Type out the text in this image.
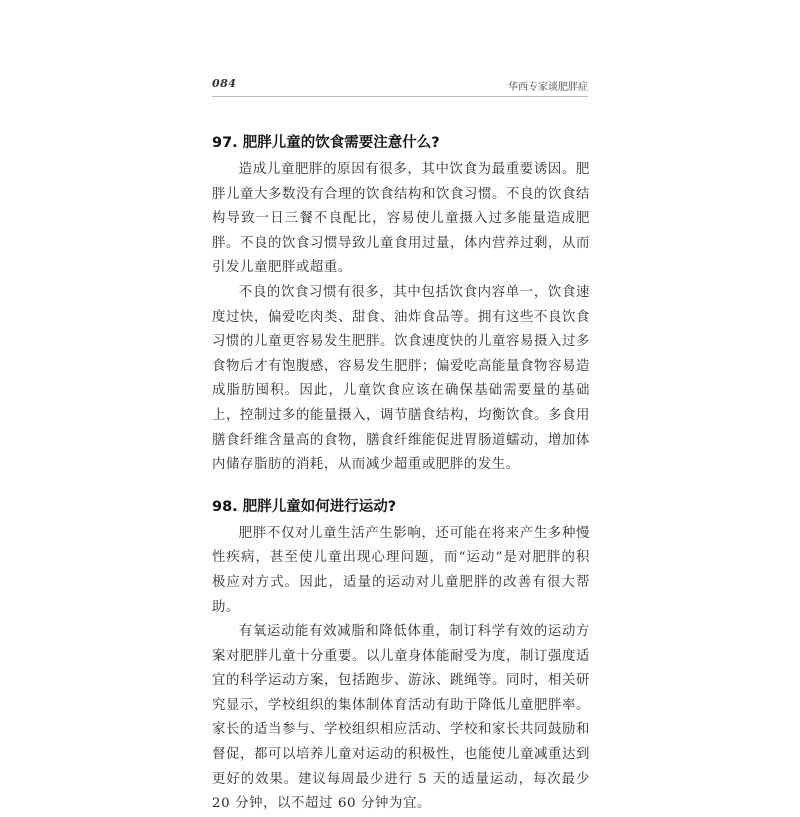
084	华西专家谈肥胖症
97. 肥胖儿童的饮食需要注意什么?

造成儿童肥胖的原因有很多，其中饮食为最重要诱因。肥胖儿童大多数没有合理的饮食结构和饮食习惯。不良的饮食结构导致一日三餐不良配比，容易使儿童摄入过多能量造成肥胖。不良的饮食习惯导致儿童食用过量，体内营养过剩，从而引发儿童肥胖或超重。

不良的饮食习惯有很多，其中包括饮食内容单一，饮食速度过快，偏爱吃肉类、甜食、油炸食品等。拥有这些不良饮食习惯的儿童更容易发生肥胖。饮食速度快的儿童容易摄入过多食物后才有饱腹感，容易发生肥胖；偏爱吃高能量食物容易造成脂肪囤积。因此，儿童饮食应该在确保基础需要量的基础上，控制过多的能量摄入，调节膳食结构，均衡饮食。多食用膳食纤维含量高的食物，膳食纤维能促进胃肠道蠕动，增加体内储存脂肪的消耗，从而减少超重或肥胖的发生。

98. 肥胖儿童如何进行运动?

肥胖不仅对儿童生活产生影响，还可能在将来产生多种慢性疾病，甚至使儿童出现心理问题，而“运动”是对肥胖的积极应对方式。因此，适量的运动对儿童肥胖的改善有很大帮助。

有氧运动能有效减脂和降低体重，制订科学有效的运动方案对肥胖儿童十分重要。以儿童身体能耐受为度，制订强度适宜的科学运动方案，包括跑步、游泳、跳绳等。同时，相关研究显示，学校组织的集体制体育活动有助于降低儿童肥胖率。家长的适当参与、学校组织相应活动、学校和家长共同鼓励和督促，都可以培养儿童对运动的积极性，也能使儿童减重达到更好的效果。建议每周最少进行 5 天的适量运动，每次最少 20 分钟，以不超过 60 分钟为宜。
